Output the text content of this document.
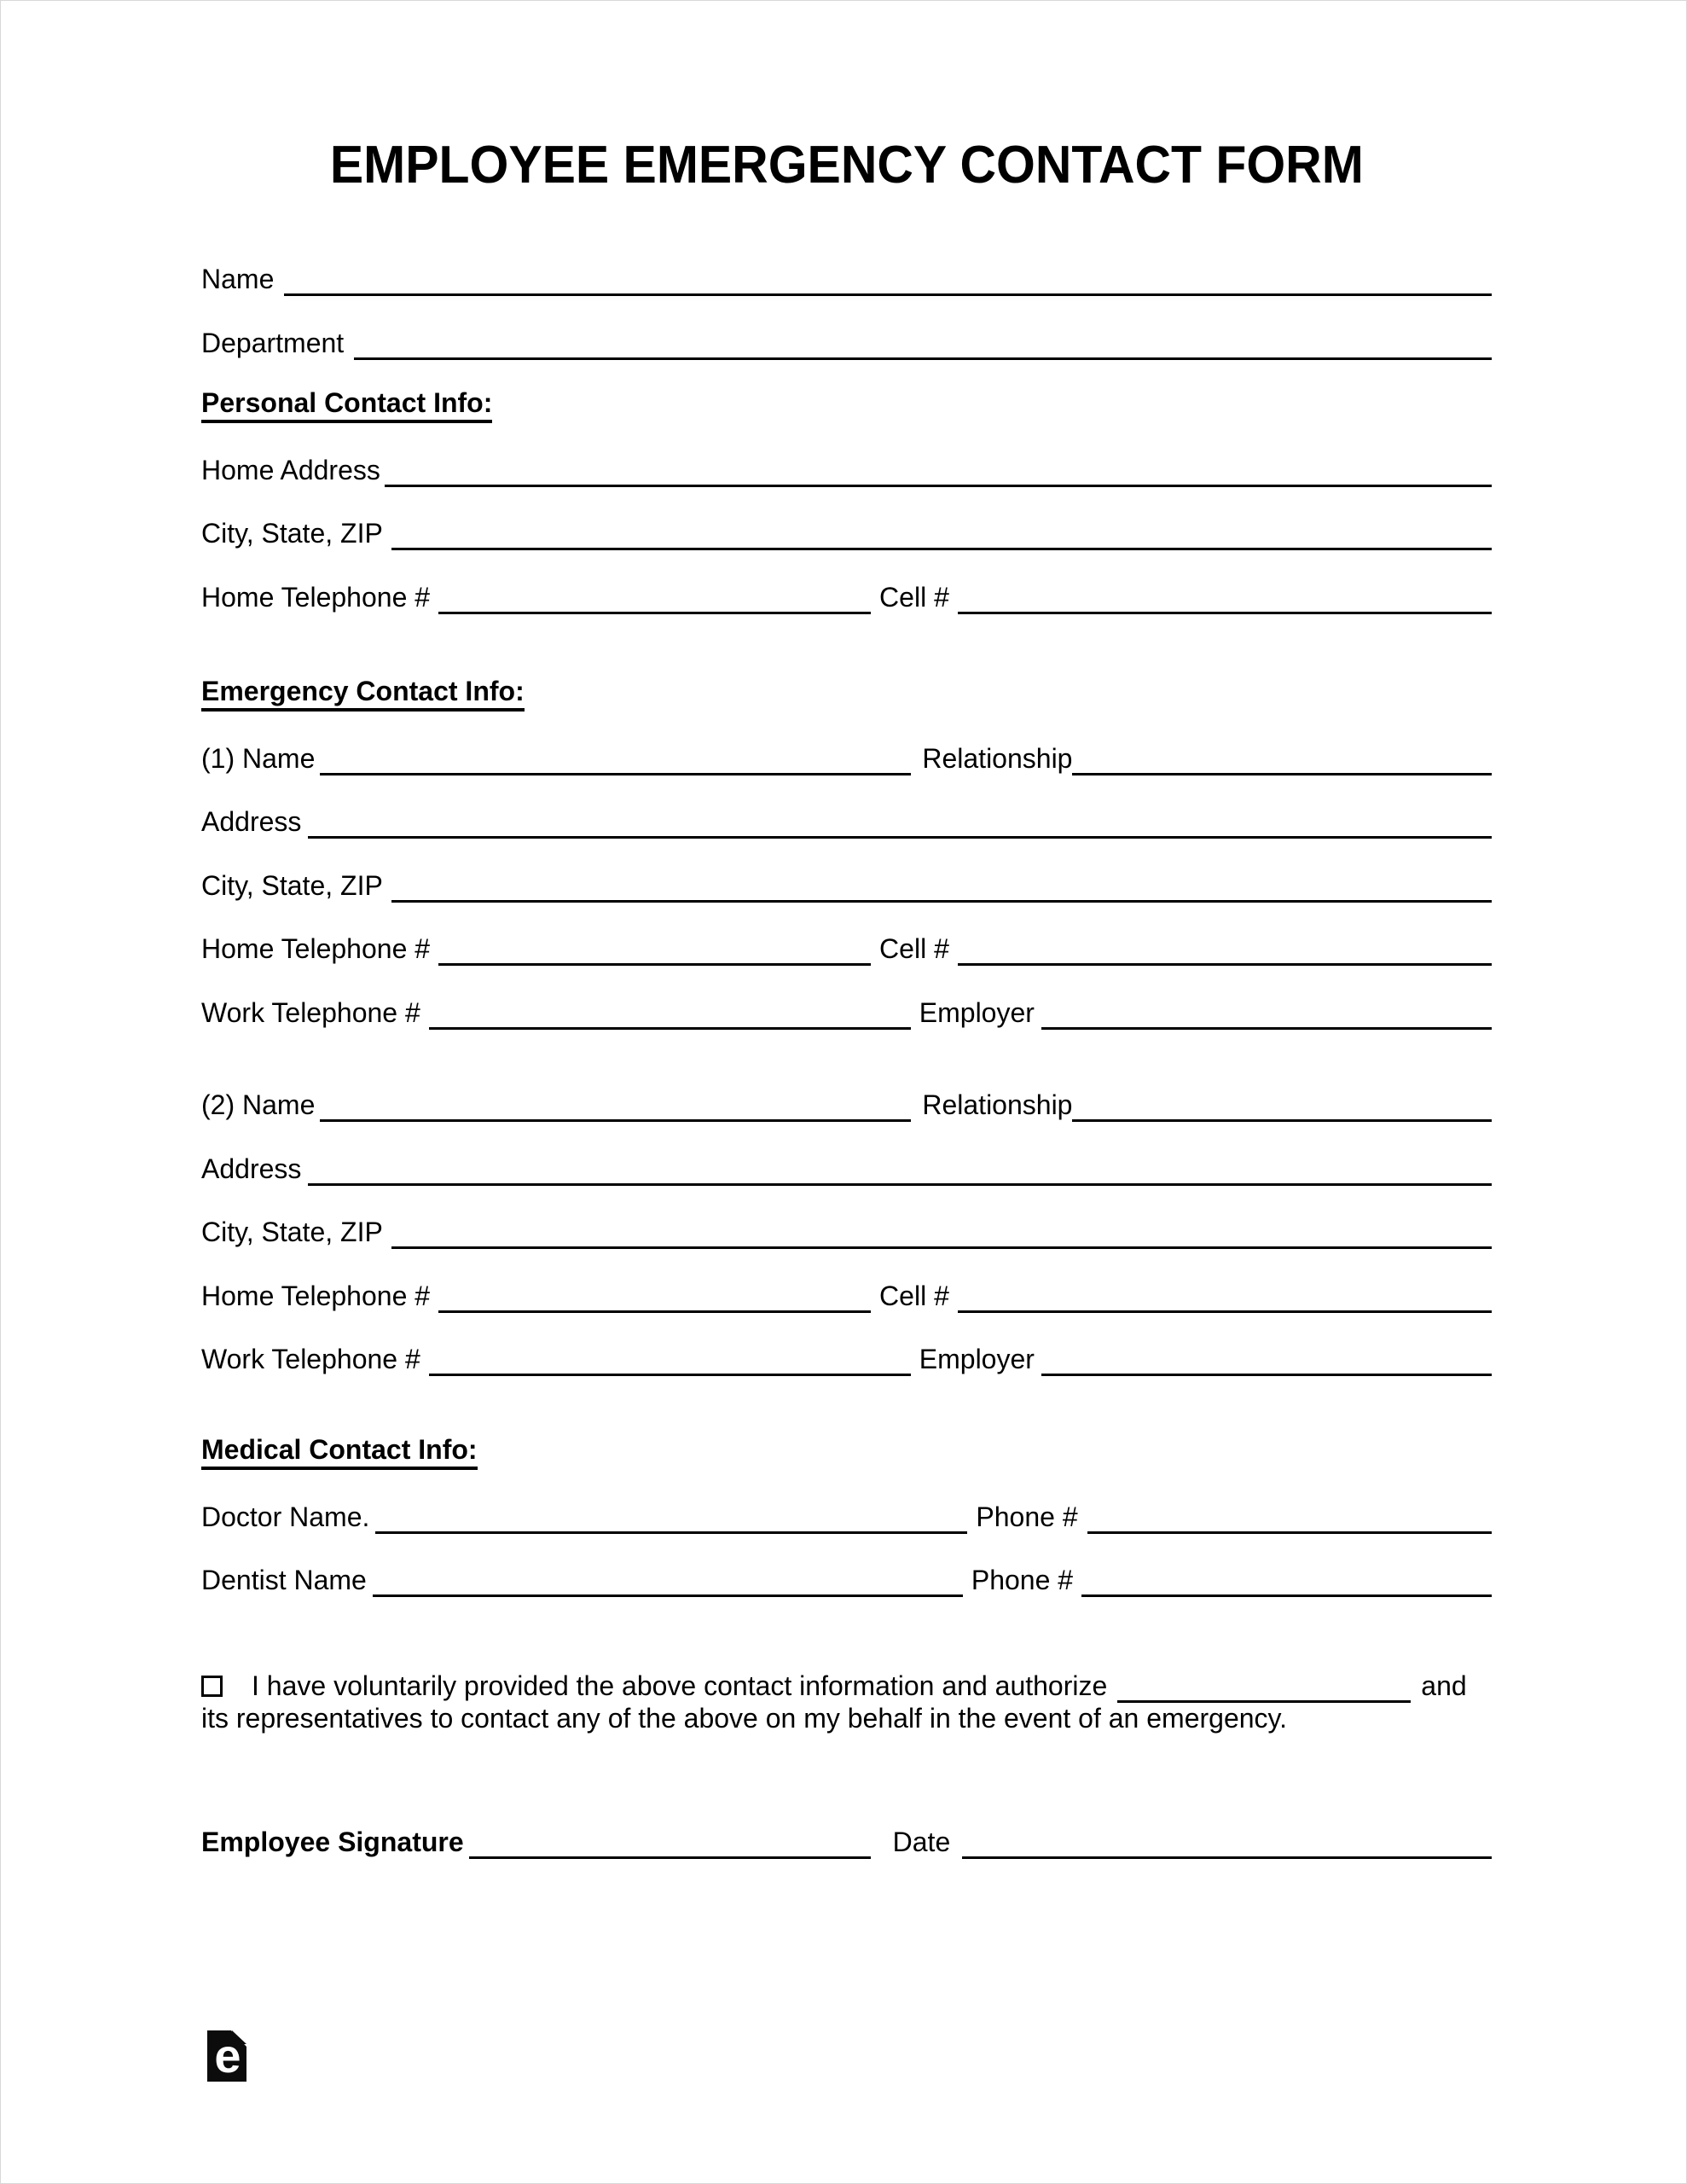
EMPLOYEE EMERGENCY CONTACT FORM
Name
Department
Personal Contact Info:
Home Address
City, State, ZIP
Home Telephone #	Cell #
Emergency Contact Info:
(1) Name	Relationship
Address
City, State, ZIP
Home Telephone #	Cell #
Work Telephone #	Employer
(2) Name	Relationship
Address
City, State, ZIP
Home Telephone #	Cell #
Work Telephone #	Employer
Medical Contact Info:
Doctor Name.	Phone #
Dentist Name	Phone #
I have voluntarily provided the above contact information and authorize	and
its representatives to contact any of the above on my behalf in the event of an emergency.
Employee Signature	Date
e
